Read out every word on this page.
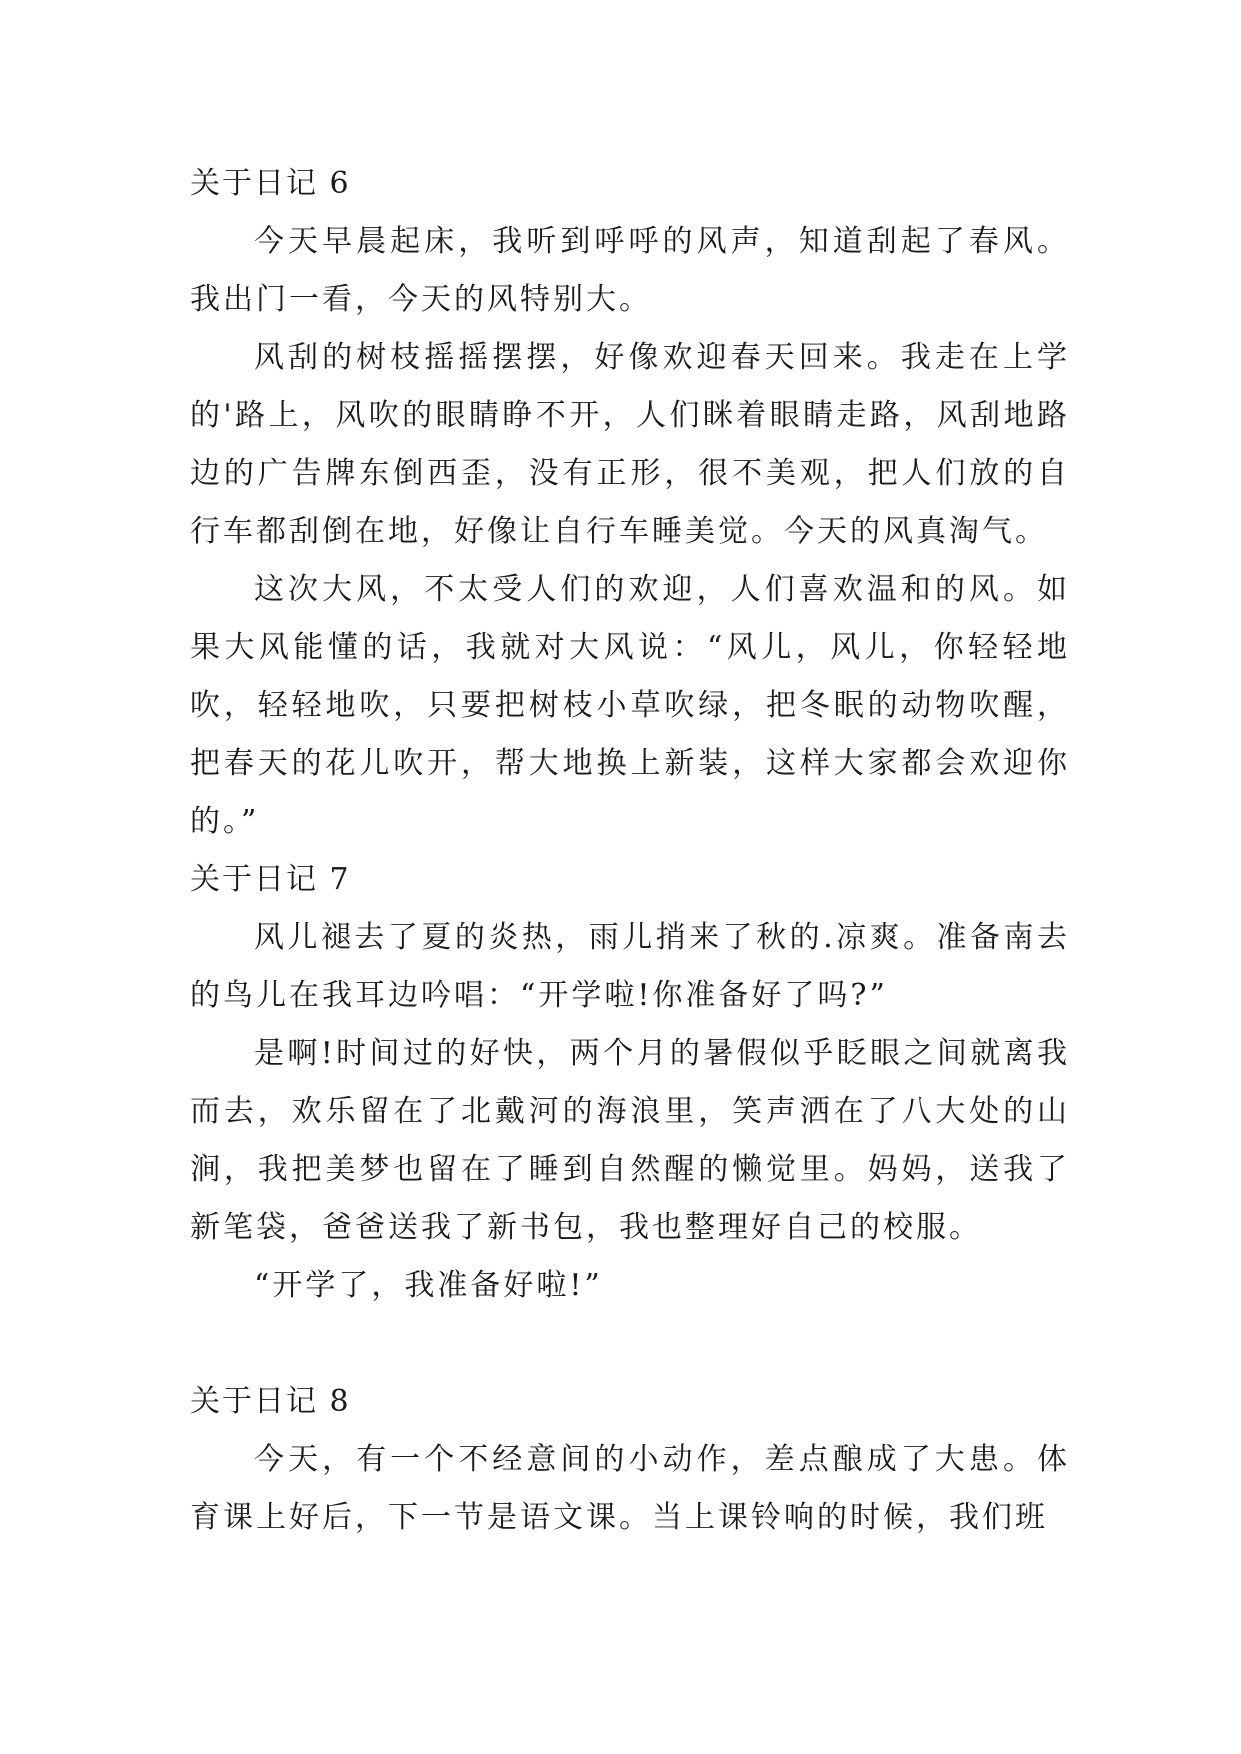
关于日记 6

今天早晨起床，我听到呼呼的风声，知道刮起了春风。我出门一看，今天的风特别大。

风刮的树枝摇摇摆摆，好像欢迎春天回来。我走在上学的'路上，风吹的眼睛睁不开，人们眯着眼睛走路，风刮地路边的广告牌东倒西歪，没有正形，很不美观，把人们放的自行车都刮倒在地，好像让自行车睡美觉。今天的风真淘气。

这次大风，不太受人们的欢迎，人们喜欢温和的风。如果大风能懂的话，我就对大风说：“风儿，风儿，你轻轻地吹，轻轻地吹，只要把树枝小草吹绿，把冬眠的动物吹醒，把春天的花儿吹开，帮大地换上新装，这样大家都会欢迎你的。”

关于日记 7

风儿褪去了夏的炎热，雨儿捎来了秋的.凉爽。准备南去的鸟儿在我耳边吟唱：“开学啦!你准备好了吗?”

是啊!时间过的好快，两个月的暑假似乎眨眼之间就离我而去，欢乐留在了北戴河的海浪里，笑声洒在了八大处的山涧，我把美梦也留在了睡到自然醒的懒觉里。妈妈，送我了新笔袋，爸爸送我了新书包，我也整理好自己的校服。

“开学了，我准备好啦!”

关于日记 8

今天，有一个不经意间的小动作，差点酿成了大患。体育课上好后，下一节是语文课。当上课铃响的时候，我们班
